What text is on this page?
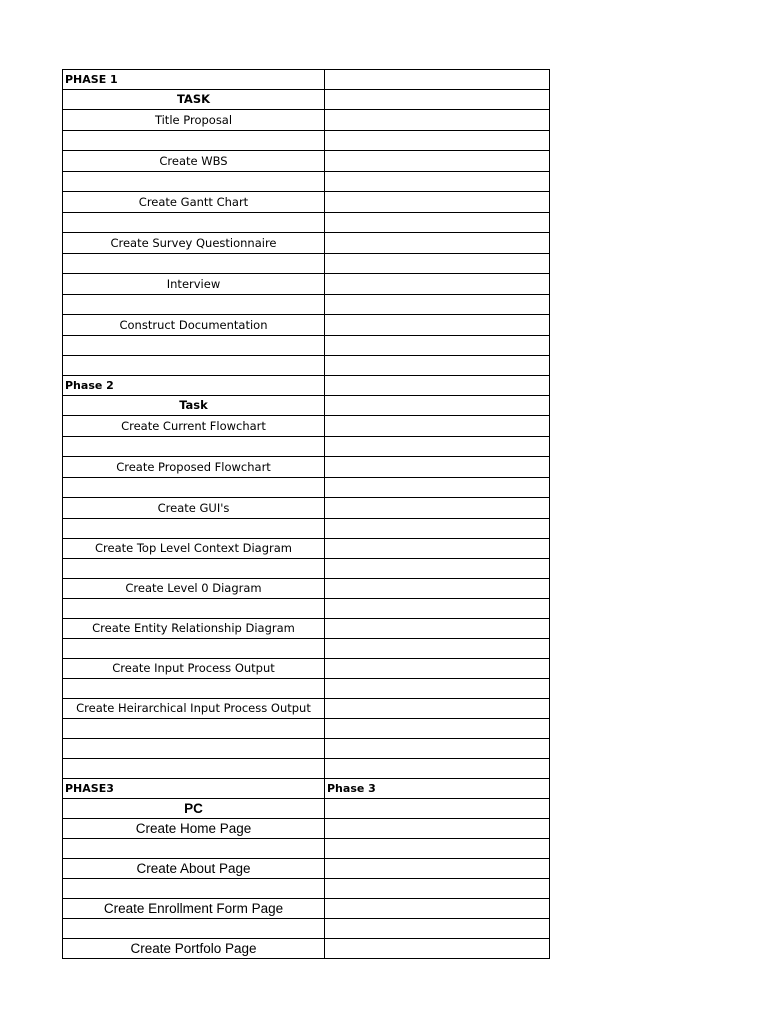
PHASE 1	
TASK	
Title Proposal	

Create WBS	

Create Gantt Chart	

Create Survey Questionnaire	

Interview	

Construct Documentation	

Phase 2	
Task	
Create Current Flowchart	

Create Proposed Flowchart	

Create GUI's	

Create Top Level Context Diagram	

Create Level 0 Diagram	

Create Entity Relationship Diagram	

Create Input Process Output	

Create Heirarchical Input Process Output	

PHASE3	Phase 3
PC	
Create Home Page	

Create About Page	

Create Enrollment Form Page	

Create Portfolo Page	
